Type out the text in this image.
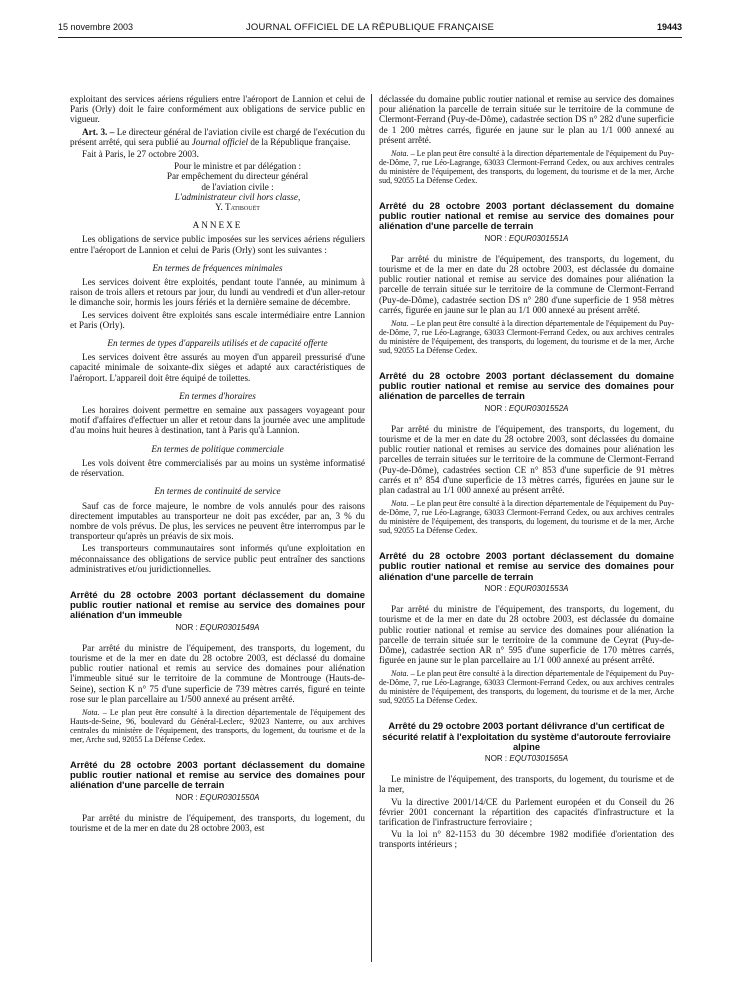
15 novembre 2003	JOURNAL OFFICIEL DE LA RÉPUBLIQUE FRANÇAISE	19443

exploitant des services aériens réguliers entre l'aéroport de Lannion et celui de Paris (Orly) doit le faire conformément aux obligations de service public en vigueur.

Art. 3. – Le directeur général de l'aviation civile est chargé de l'exécution du présent arrêté, qui sera publié au Journal officiel de la République française.

Fait à Paris, le 27 octobre 2003.

Pour le ministre et par délégation :

Par empêchement du directeur général

de l'aviation civile :

L'administrateur civil hors classe,

Y. Tatibouët

ANNEXE

Les obligations de service public imposées sur les services aériens réguliers entre l'aéroport de Lannion et celui de Paris (Orly) sont les suivantes :

En termes de fréquences minimales

Les services doivent être exploités, pendant toute l'année, au minimum à raison de trois allers et retours par jour, du lundi au vendredi et d'un aller-retour le dimanche soir, hormis les jours fériés et la dernière semaine de décembre.

Les services doivent être exploités sans escale intermédiaire entre Lannion et Paris (Orly).

En termes de types d'appareils utilisés et de capacité offerte

Les services doivent être assurés au moyen d'un appareil pressurisé d'une capacité minimale de soixante-dix sièges et adapté aux caractéristiques de l'aéroport. L'appareil doit être équipé de toilettes.

En termes d'horaires

Les horaires doivent permettre en semaine aux passagers voyageant pour motif d'affaires d'effectuer un aller et retour dans la journée avec une amplitude d'au moins huit heures à destination, tant à Paris qu'à Lannion.

En termes de politique commerciale

Les vols doivent être commercialisés par au moins un système informatisé de réservation.

En termes de continuité de service

Sauf cas de force majeure, le nombre de vols annulés pour des raisons directement imputables au transporteur ne doit pas excéder, par an, 3 % du nombre de vols prévus. De plus, les services ne peuvent être interrompus par le transporteur qu'après un préavis de six mois.

Les transporteurs communautaires sont informés qu'une exploitation en méconnaissance des obligations de service public peut entraîner des sanctions administratives et/ou juridictionnelles.

Arrêté du 28 octobre 2003 portant déclassement du domaine public routier national et remise au service des domaines pour aliénation d'un immeuble
NOR : EQUR0301549A

Par arrêté du ministre de l'équipement, des transports, du logement, du tourisme et de la mer en date du 28 octobre 2003, est déclassé du domaine public routier national et remis au service des domaines pour aliénation l'immeuble situé sur le territoire de la commune de Montrouge (Hauts-de-Seine), section K n° 75 d'une superficie de 739 mètres carrés, figuré en teinte rose sur le plan parcellaire au 1/500 annexé au présent arrêté.

Nota. – Le plan peut être consulté à la direction départementale de l'équipement des Hauts-de-Seine, 96, boulevard du Général-Leclerc, 92023 Nanterre, ou aux archives centrales du ministère de l'équipement, des transports, du logement, du tourisme et de la mer, Arche sud, 92055 La Défense Cedex.

Arrêté du 28 octobre 2003 portant déclassement du domaine public routier national et remise au service des domaines pour aliénation d'une parcelle de terrain
NOR : EQUR0301550A

Par arrêté du ministre de l'équipement, des transports, du logement, du tourisme et de la mer en date du 28 octobre 2003, est

déclassée du domaine public routier national et remise au service des domaines pour aliénation la parcelle de terrain située sur le territoire de la commune de Clermont-Ferrand (Puy-de-Dôme), cadastrée section DS n° 282 d'une superficie de 1 200 mètres carrés, figurée en jaune sur le plan au 1/1 000 annexé au présent arrêté.

Nota. – Le plan peut être consulté à la direction départementale de l'équipement du Puy-de-Dôme, 7, rue Léo-Lagrange, 63033 Clermont-Ferrand Cedex, ou aux archives centrales du ministère de l'équipement, des transports, du logement, du tourisme et de la mer, Arche sud, 92055 La Défense Cedex.

Arrêté du 28 octobre 2003 portant déclassement du domaine public routier national et remise au service des domaines pour aliénation d'une parcelle de terrain
NOR : EQUR0301551A

Par arrêté du ministre de l'équipement, des transports, du logement, du tourisme et de la mer en date du 28 octobre 2003, est déclassée du domaine public routier national et remise au service des domaines pour aliénation la parcelle de terrain située sur le territoire de la commune de Clermont-Ferrand (Puy-de-Dôme), cadastrée section DS n° 280 d'une superficie de 1 958 mètres carrés, figurée en jaune sur le plan au 1/1 000 annexé au présent arrêté.

Nota. – Le plan peut être consulté à la direction départementale de l'équipement du Puy-de-Dôme, 7, rue Léo-Lagrange, 63033 Clermont-Ferrand Cedex, ou aux archives centrales du ministère de l'équipement, des transports, du logement, du tourisme et de la mer, Arche sud, 92055 La Défense Cedex.

Arrêté du 28 octobre 2003 portant déclassement du domaine public routier national et remise au service des domaines pour aliénation de parcelles de terrain
NOR : EQUR0301552A

Par arrêté du ministre de l'équipement, des transports, du logement, du tourisme et de la mer en date du 28 octobre 2003, sont déclassées du domaine public routier national et remises au service des domaines pour aliénation les parcelles de terrain situées sur le territoire de la commune de Clermont-Ferrand (Puy-de-Dôme), cadastrées section CE n° 853 d'une superficie de 91 mètres carrés et n° 854 d'une superficie de 13 mètres carrés, figurées en jaune sur le plan cadastral au 1/1 000 annexé au présent arrêté.

Nota. – Le plan peut être consulté à la direction départementale de l'équipement du Puy-de-Dôme, 7, rue Léo-Lagrange, 63033 Clermont-Ferrand Cedex, ou aux archives centrales du ministère de l'équipement, des transports, du logement, du tourisme et de la mer, Arche sud, 92055 La Défense Cedex.

Arrêté du 28 octobre 2003 portant déclassement du domaine public routier national et remise au service des domaines pour aliénation d'une parcelle de terrain
NOR : EQUR0301553A

Par arrêté du ministre de l'équipement, des transports, du logement, du tourisme et de la mer en date du 28 octobre 2003, est déclassée du domaine public routier national et remise au service des domaines pour aliénation la parcelle de terrain située sur le territoire de la commune de Ceyrat (Puy-de-Dôme), cadastrée section AR n° 595 d'une superficie de 170 mètres carrés, figurée en jaune sur le plan parcellaire au 1/1 000 annexé au présent arrêté.

Nota. – Le plan peut être consulté à la direction départementale de l'équipement du Puy-de-Dôme, 7, rue Léo-Lagrange, 63033 Clermont-Ferrand Cedex, ou aux archives centrales du ministère de l'équipement, des transports, du logement, du tourisme et de la mer, Arche sud, 92055 La Défense Cedex.

Arrêté du 29 octobre 2003 portant délivrance d'un certificat de sécurité relatif à l'exploitation du système d'autoroute ferroviaire alpine
NOR : EQUT0301565A

Le ministre de l'équipement, des transports, du logement, du tourisme et de la mer,

Vu la directive 2001/14/CE du Parlement européen et du Conseil du 26 février 2001 concernant la répartition des capacités d'infrastructure et la tarification de l'infrastructure ferroviaire ;

Vu la loi n° 82-1153 du 30 décembre 1982 modifiée d'orientation des transports intérieurs ;
